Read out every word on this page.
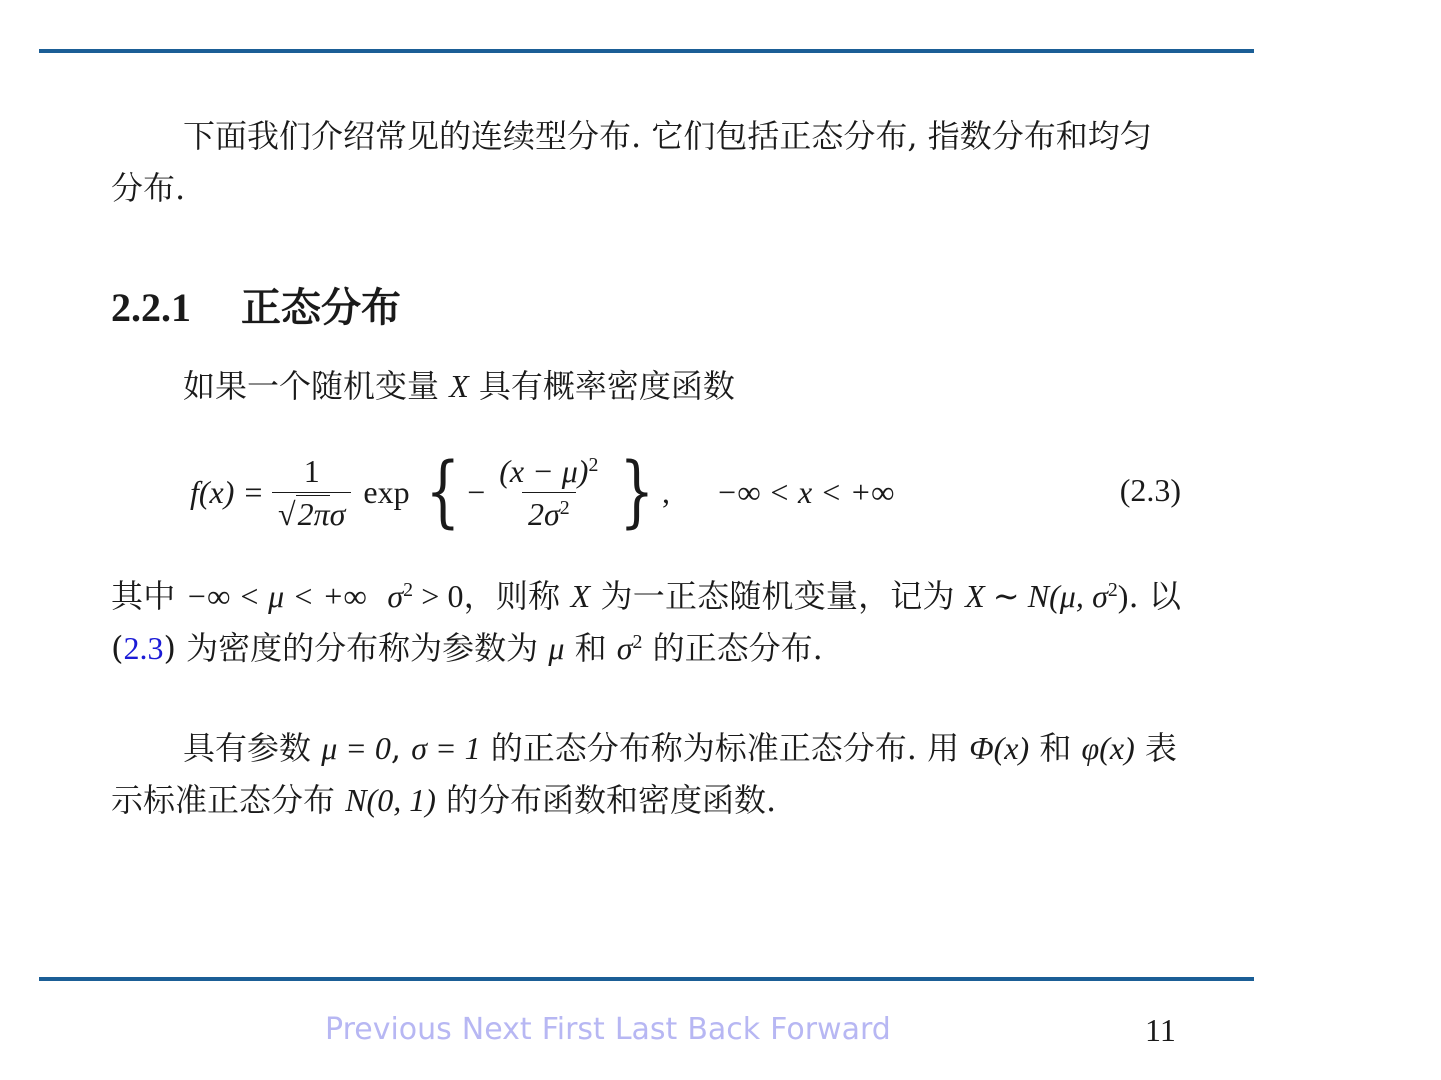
下面我们介绍常见的连续型分布. 它们包括正态分布, 指数分布和均匀分布.

2.2.1 正态分布

如果一个随机变量 X 具有概率密度函数

$f(x) = \frac{1}{√2\pi\sigma}$ exp { − $\frac{(x - \mu)^2}{2\sigma^2}$ } , −∞ < x < +∞	(2.3)

其中 −∞ < μ < +∞ $\sigma^2 > 0$，则称 X 为一正态随机变量，记为 X ∼ N(μ, $\sigma^2$). 以 (2.3) 为密度的分布称为参数为 μ 和 $\sigma^2$ 的正态分布.

具有参数 μ = 0, σ = 1 的正态分布称为标准正态分布. 用 Φ(x) 和 φ(x) 表示标准正态分布 N(0, 1) 的分布函数和密度函数.

Previous Next First Last Back Forward	11
